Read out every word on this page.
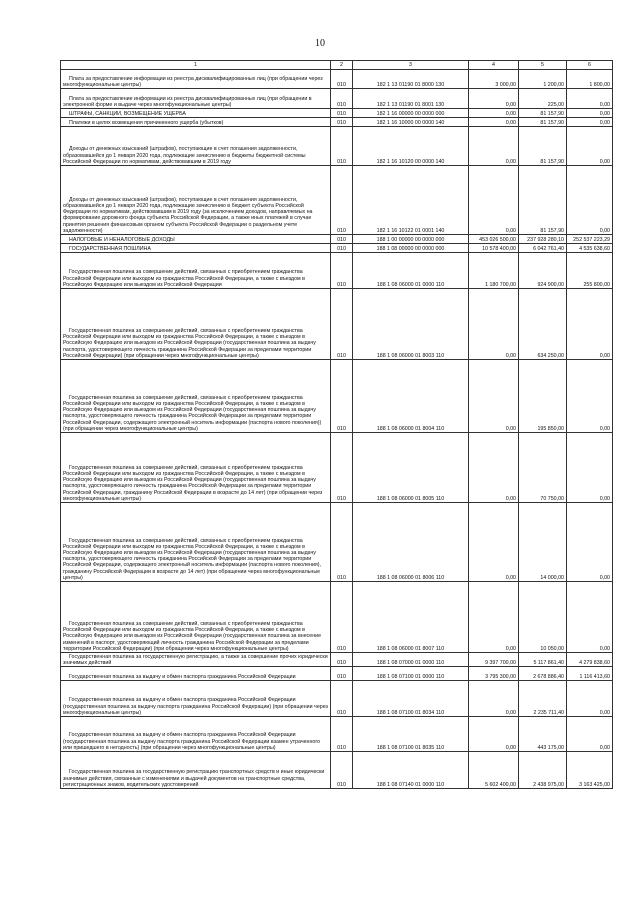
10
1	2	3	4	5	6
Плата за предоставление информации из реестра дисквалифицированных лиц (при обращении через многофункциональные центры)	010	182 1 13 01190 01 8000 130	3 000,00	1 200,00	1 800,00
Плата за предоставление информации из реестра дисквалифицированных лиц (при обращении в электронной форме и выдаче через многофункциональные центры)	010	182 1 13 01190 01 8001 130	0,00	225,00	0,00
ШТРАФЫ, САНКЦИИ, ВОЗМЕЩЕНИЕ УЩЕРБА	010	182 1 16 00000 00 0000 000	0,00	81 157,90	0,00
Платежи в целях возмещения причиненного ущерба (убытков)	010	182 1 16 10000 00 0000 140	0,00	81 157,90	0,00
Доходы от денежных взысканий (штрафов), поступающие в счет погашения задолженности, образовавшейся до 1 января 2020 года, подлежащие зачислению в бюджеты бюджетной системы Российской Федерации по нормативам, действовавшим в 2019 году	010	182 1 16 10120 00 0000 140	0,00	81 157,90	0,00
Доходы от денежных взысканий (штрафов), поступающие в счет погашения задолженности, образовавшейся до 1 января 2020 года, подлежащие зачислению в бюджет субъекта Российской Федерации по нормативам, действовавшим в 2019 году (за исключением доходов, направляемых на формирование дорожного фонда субъекта Российской Федерации, а также иных платежей в случае принятия решения финансовым органом субъекта Российской Федерации о раздельном учете задолженности)	010	182 1 16 10122 01 0001 140	0,00	81 157,90	0,00
НАЛОГОВЫЕ И НЕНАЛОГОВЫЕ ДОХОДЫ	010	188 1 00 00000 00 0000 000	453 026 500,00	237 928 280,10	252 537 223,29
ГОСУДАРСТВЕННАЯ ПОШЛИНА	010	188 1 08 00000 00 0000 000	10 578 400,00	6 042 761,40	4 535 638,60
Государственная пошлина за совершение действий, связанных с приобретением гражданства Российской Федерации или выходом из гражданства Российской Федерации, а также с въездом в Российскую Федерацию или выездом из Российской Федерации	010	188 1 08 06000 01 0000 110	1 180 700,00	924 900,00	255 800,00
Государственная пошлина за совершение действий, связанных с приобретением гражданства Российской Федерации или выходом из гражданства Российской Федерации, а также с въездом в Российскую Федерацию или выездом из Российской Федерации (государственная пошлина за выдачу паспорта, удостоверяющего личность гражданина Российской Федерации за пределами территории Российской Федерации) (при обращении через многофункциональные центры)	010	188 1 08 06000 01 8003 110	0,00	634 250,00	0,00
Государственная пошлина за совершение действий, связанных с приобретением гражданства Российской Федерации или выходом из гражданства Российской Федерации, а также с въездом в Российскую Федерацию или выездом из Российской Федерации (государственная пошлина за выдачу паспорта, удостоверяющего личность гражданина Российской Федерации за пределами территории Российской Федерации, содержащего электронный носитель информации (паспорта нового поколения)) (при обращении через многофункциональные центры)	010	188 1 08 06000 01 8004 110	0,00	195 850,00	0,00
Государственная пошлина за совершение действий, связанных с приобретением гражданства Российской Федерации или выходом из гражданства Российской Федерации, а также с въездом в Российскую Федерацию или выездом из Российской Федерации (государственная пошлина за выдачу паспорта, удостоверяющего личность гражданина Российской Федерации за пределами территории Российской Федерации, гражданину Российской Федерации в возрасте до 14 лет) (при обращении через многофункциональные центры)	010	188 1 08 06000 01 8005 110	0,00	70 750,00	0,00
Государственная пошлина за совершение действий, связанных с приобретением гражданства Российской Федерации или выходом из гражданства Российской Федерации, а также с въездом в Российскую Федерацию или выездом из Российской Федерации (государственная пошлина за выдачу паспорта, удостоверяющего личность гражданина Российской Федерации за пределами территории Российской Федерации, содержащего электронный носитель информации (паспорта нового поколения), гражданину Российской Федерации в возрасте до 14 лет) (при обращении через многофункциональные центры)	010	188 1 08 06000 01 8006 110	0,00	14 000,00	0,00
Государственная пошлина за совершение действий, связанных с приобретением гражданства Российской Федерации или выходом из гражданства Российской Федерации, а также с въездом в Российскую Федерацию или выездом из Российской Федерации (государственная пошлина за внесение изменений в паспорт, удостоверяющий личность гражданина Российской Федерации за пределами территории Российской Федерации) (при обращении через многофункциональные центры)	010	188 1 08 06000 01 8007 110	0,00	10 050,00	0,00
Государственная пошлина за государственную регистрацию, а также за совершение прочих юридически значимых действий	010	188 1 08 07000 01 0000 110	9 397 700,00	5 117 861,40	4 279 838,60
Государственная пошлина за выдачу и обмен паспорта гражданина Российской Федерации	010	188 1 08 07100 01 0000 110	3 795 300,00	2 678 886,40	1 116 413,60
Государственная пошлина за выдачу и обмен паспорта гражданина Российской Федерации (государственная пошлина за выдачу паспорта гражданина Российской Федерации) (при обращении через многофункциональные центры)	010	188 1 08 07100 01 8034 110	0,00	2 235 711,40	0,00
Государственная пошлина за выдачу и обмен паспорта гражданина Российской Федерации (государственная пошлина за выдачу паспорта гражданина Российской Федерации взамен утраченного или пришедшего в негодность) (при обращении через многофункциональные центры)	010	188 1 08 07100 01 8035 110	0,00	443 175,00	0,00
Государственная пошлина за государственную регистрацию транспортных средств и иные юридически значимые действия, связанные с изменениями и выдачей документов на транспортные средства, регистрационных знаков, водительских удостоверений	010	188 1 08 07140 01 0000 110	5 602 400,00	2 438 975,00	3 163 425,00
